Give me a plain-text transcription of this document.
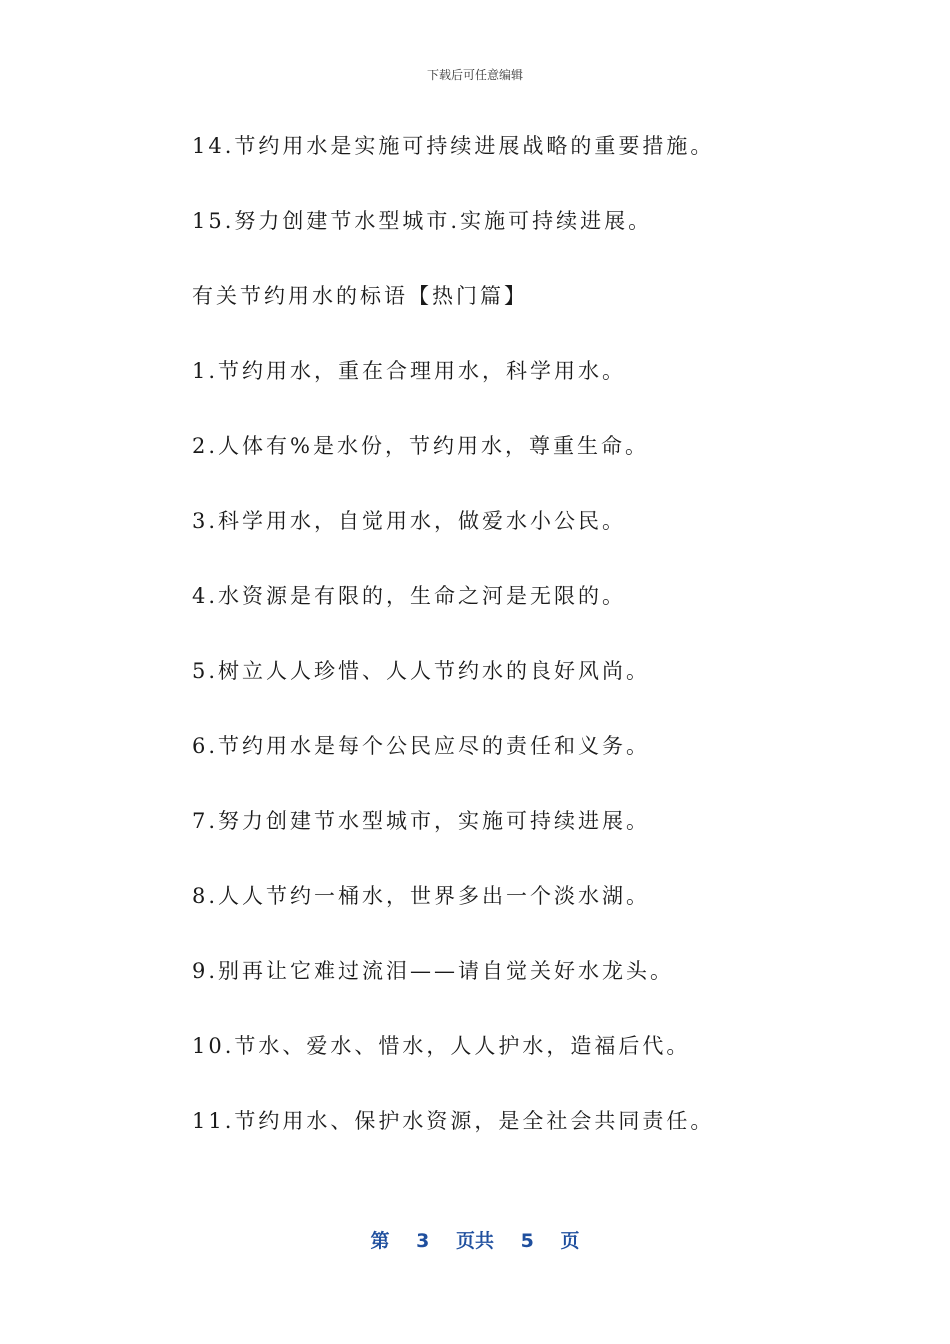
下载后可任意编辑
14.节约用水是实施可持续进展战略的重要措施。
15.努力创建节水型城市.实施可持续进展。
有关节约用水的标语【热门篇】
1.节约用水，重在合理用水，科学用水。
2.人体有%是水份，节约用水，尊重生命。
3.科学用水，自觉用水，做爱水小公民。
4.水资源是有限的，生命之河是无限的。
5.树立人人珍惜、人人节约水的良好风尚。
6.节约用水是每个公民应尽的责任和义务。
7.努力创建节水型城市，实施可持续进展。
8.人人节约一桶水，世界多出一个淡水湖。
9.别再让它难过流泪——请自觉关好水龙头。
10.节水、爱水、惜水，人人护水，造福后代。
11.节约用水、保护水资源，是全社会共同责任。
第 3 页共 5 页
